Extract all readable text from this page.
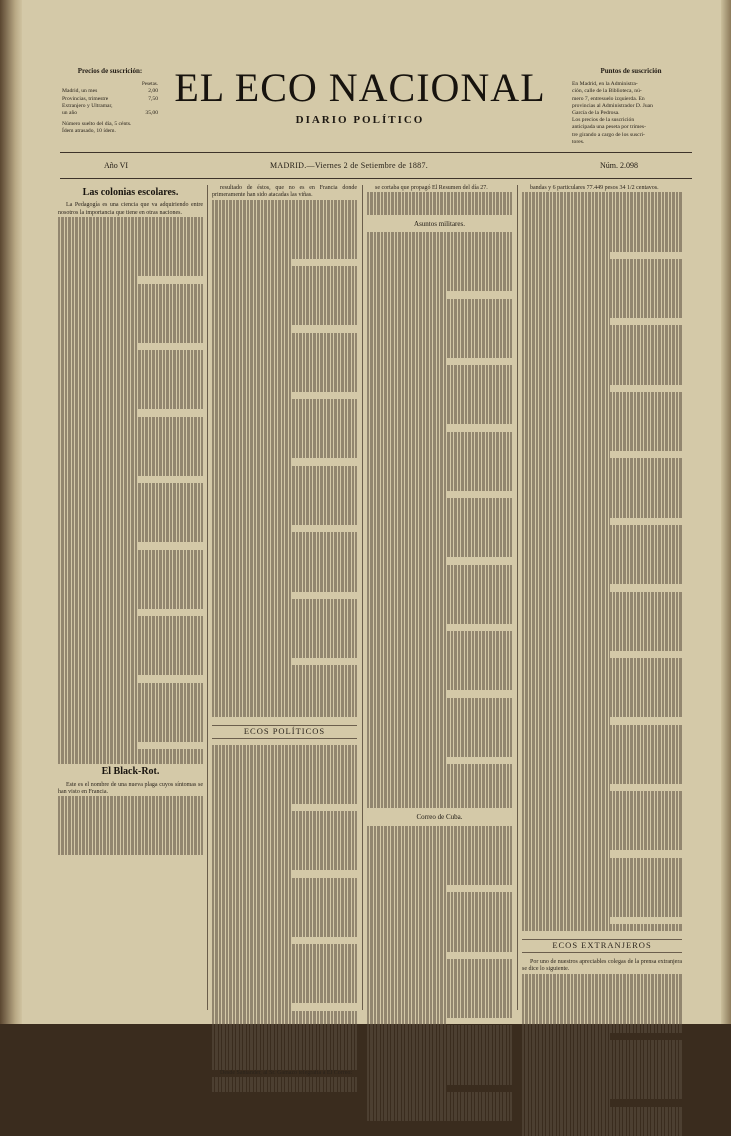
Precios de suscrición:
Pesetas.
Madrid, un mes	2,00
Provincias, trimestre	7,50
Extranjero y Ultramar,
un año	35,00
Número suelto del día, 5 cénts.
Ídem atrasado, 10 ídem.
EL ECO NACIONAL
DIARIO POLÍTICO
Puntos de suscrición
En Madrid, en la Administra-
ción, calle de la Biblioteca, nú-
mero 7, entresuelo izquierda. En
provincias al Administrador D. Juan
García de la Pedrosa.
Los precios de la suscrición
anticipada una peseta por trimes-
tre girando a cargo de los suscri-
tores.
Año VI	MADRID.—Viernes 2 de Setiembre de 1887.	Núm. 2.098
Las colonias escolares.

La Pedagogía es una ciencia que va adquiriendo entre nosotros la importancia que tiene en otras naciones.

El Black-Rot.

Este es el nombre de una nueva plaga cuyos síntomas se han visto en Francia.

resultado de éstos, que no es en Francia donde primeramente han sido atacadas las viñas.

ECOS POLÍTICOS

Desde Santander, al Sr. Gamazo telegrafía á El Correo:

se cortaba que propagó El Resumen del día 27.

Asuntos militares.
Correo de Cuba.

bandas y 6 particulares 77.449 pesos 34 1/2 centavos.

ECOS EXTRANJEROS

Por uno de nuestros apreciables colegas de la prensa extranjera se dice lo siguiente.
